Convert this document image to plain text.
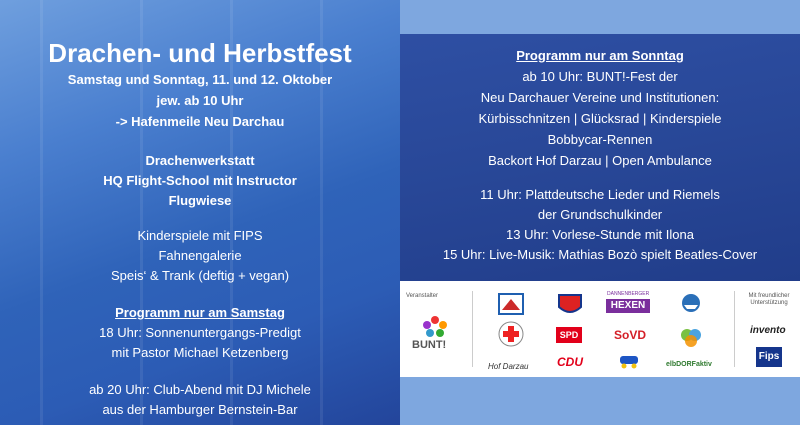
Drachen- und Herbstfest
Samstag und Sonntag, 11. und 12. Oktober
jew. ab 10 Uhr
-> Hafenmeile Neu Darchau
Drachenwerkstatt
HQ Flight-School mit Instructor
Flugwiese
Kinderspiele mit FIPS
Fahnengalerie
Speis‘ & Trank (deftig + vegan)
Programm nur am Samstag
18 Uhr: Sonnenuntergangs-Predigt
mit Pastor Michael Ketzenberg
ab 20 Uhr: Club-Abend mit DJ Michele
aus der Hamburger Bernstein-Bar
Programm nur am Sonntag
ab 10 Uhr: BUNT!-Fest der
Neu Darchauer Vereine und Institutionen:
Kürbisschnitzen | Glücksrad | Kinderspiele
Bobbycar-Rennen
Backort Hof Darzau | Open Ambulance
11 Uhr: Plattdeutsche Lieder und Riemels
der Grundschulkinder
13 Uhr: Vorlese-Stunde mit Ilona
15 Uhr: Live-Musik: Mathias Bozò spielt Beatles-Cover
Veranstalter
BUNT!
Hof Darzau
SPD
CDU
DANNENBERGER
HEXEN
SoVD
elbDORFaktiv
Mit freundlicher Unterstützung
invento
Fips
